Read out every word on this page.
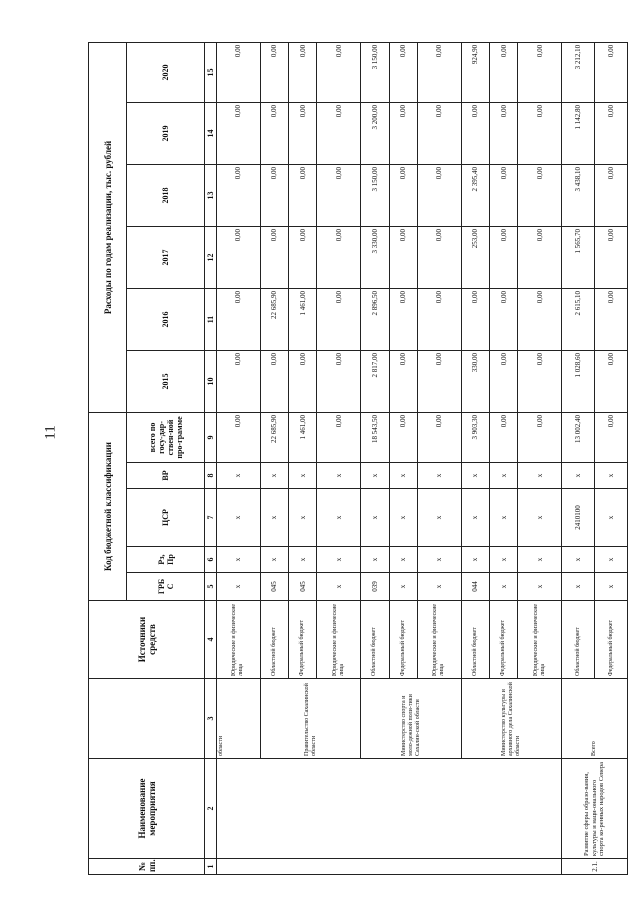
11
№ пп.	Наименование мероприятия		Источники средств	Код бюджетной классификации					Расходы по годам реализации, тыс. рублей					
				ГРБ С	Рз, Пр	ЦСР	ВР	всего по госу-дар-ствен-ной про-грамме	2015	2016	2017	2018	2019	2020
1	2	3	4	5	6	7	8	9	10	11	12	13	14	15
		области	Юридические и физические лица	х	х	х	х	0,00	0,00	0,00	0,00	0,00	0,00	0,00
		Правительство Сахалинской области	Областной бюджет	045	х	х	х	22 685,90	0,00	22 685,90	0,00	0,00	0,00	0,00
			Федеральный бюджет	045	х	х	х	1 461,00	0,00	1 461,00	0,00	0,00	0,00	0,00
			Юридические и физические лица	х	х	х	х	0,00	0,00	0,00	0,00	0,00	0,00	0,00
		Министерство спорта и моло-дежной поли-тики Сахалин-ской области	Областной бюджет	039	х	х	х	18 543,50	2 817,00	2 896,50	3 330,00	3 150,00	3 200,00	3 150,00
			Федеральный бюджет	х	х	х	х	0,00	0,00	0,00	0,00	0,00	0,00	0,00
			Юридические и физические лица	х	х	х	х	0,00	0,00	0,00	0,00	0,00	0,00	0,00
		Министерство культуры и архивного дела Сахалинской области	Областной бюджет	044	х	х	х	3 903,30	330,00	0,00	253,00	2 395,40	0,00	924,90
			Федеральный бюджет	х	х	х	х	0,00	0,00	0,00	0,00	0,00	0,00	0,00
			Юридические и физические лица	х	х	х	х	0,00	0,00	0,00	0,00	0,00	0,00	0,00
2.1.	Развитие сферы образо-вания, культуры и наци-онального спорта ко-ренных народов Севера	Всего	Областной бюджет	х	х	2410100	х	13 002,40	1 028,60	2 615,10	1 565,70	3 438,10	1 142,80	3 212,10
			Федеральный бюджет	х	х	х	х	0,00	0,00	0,00	0,00	0,00	0,00	0,00
